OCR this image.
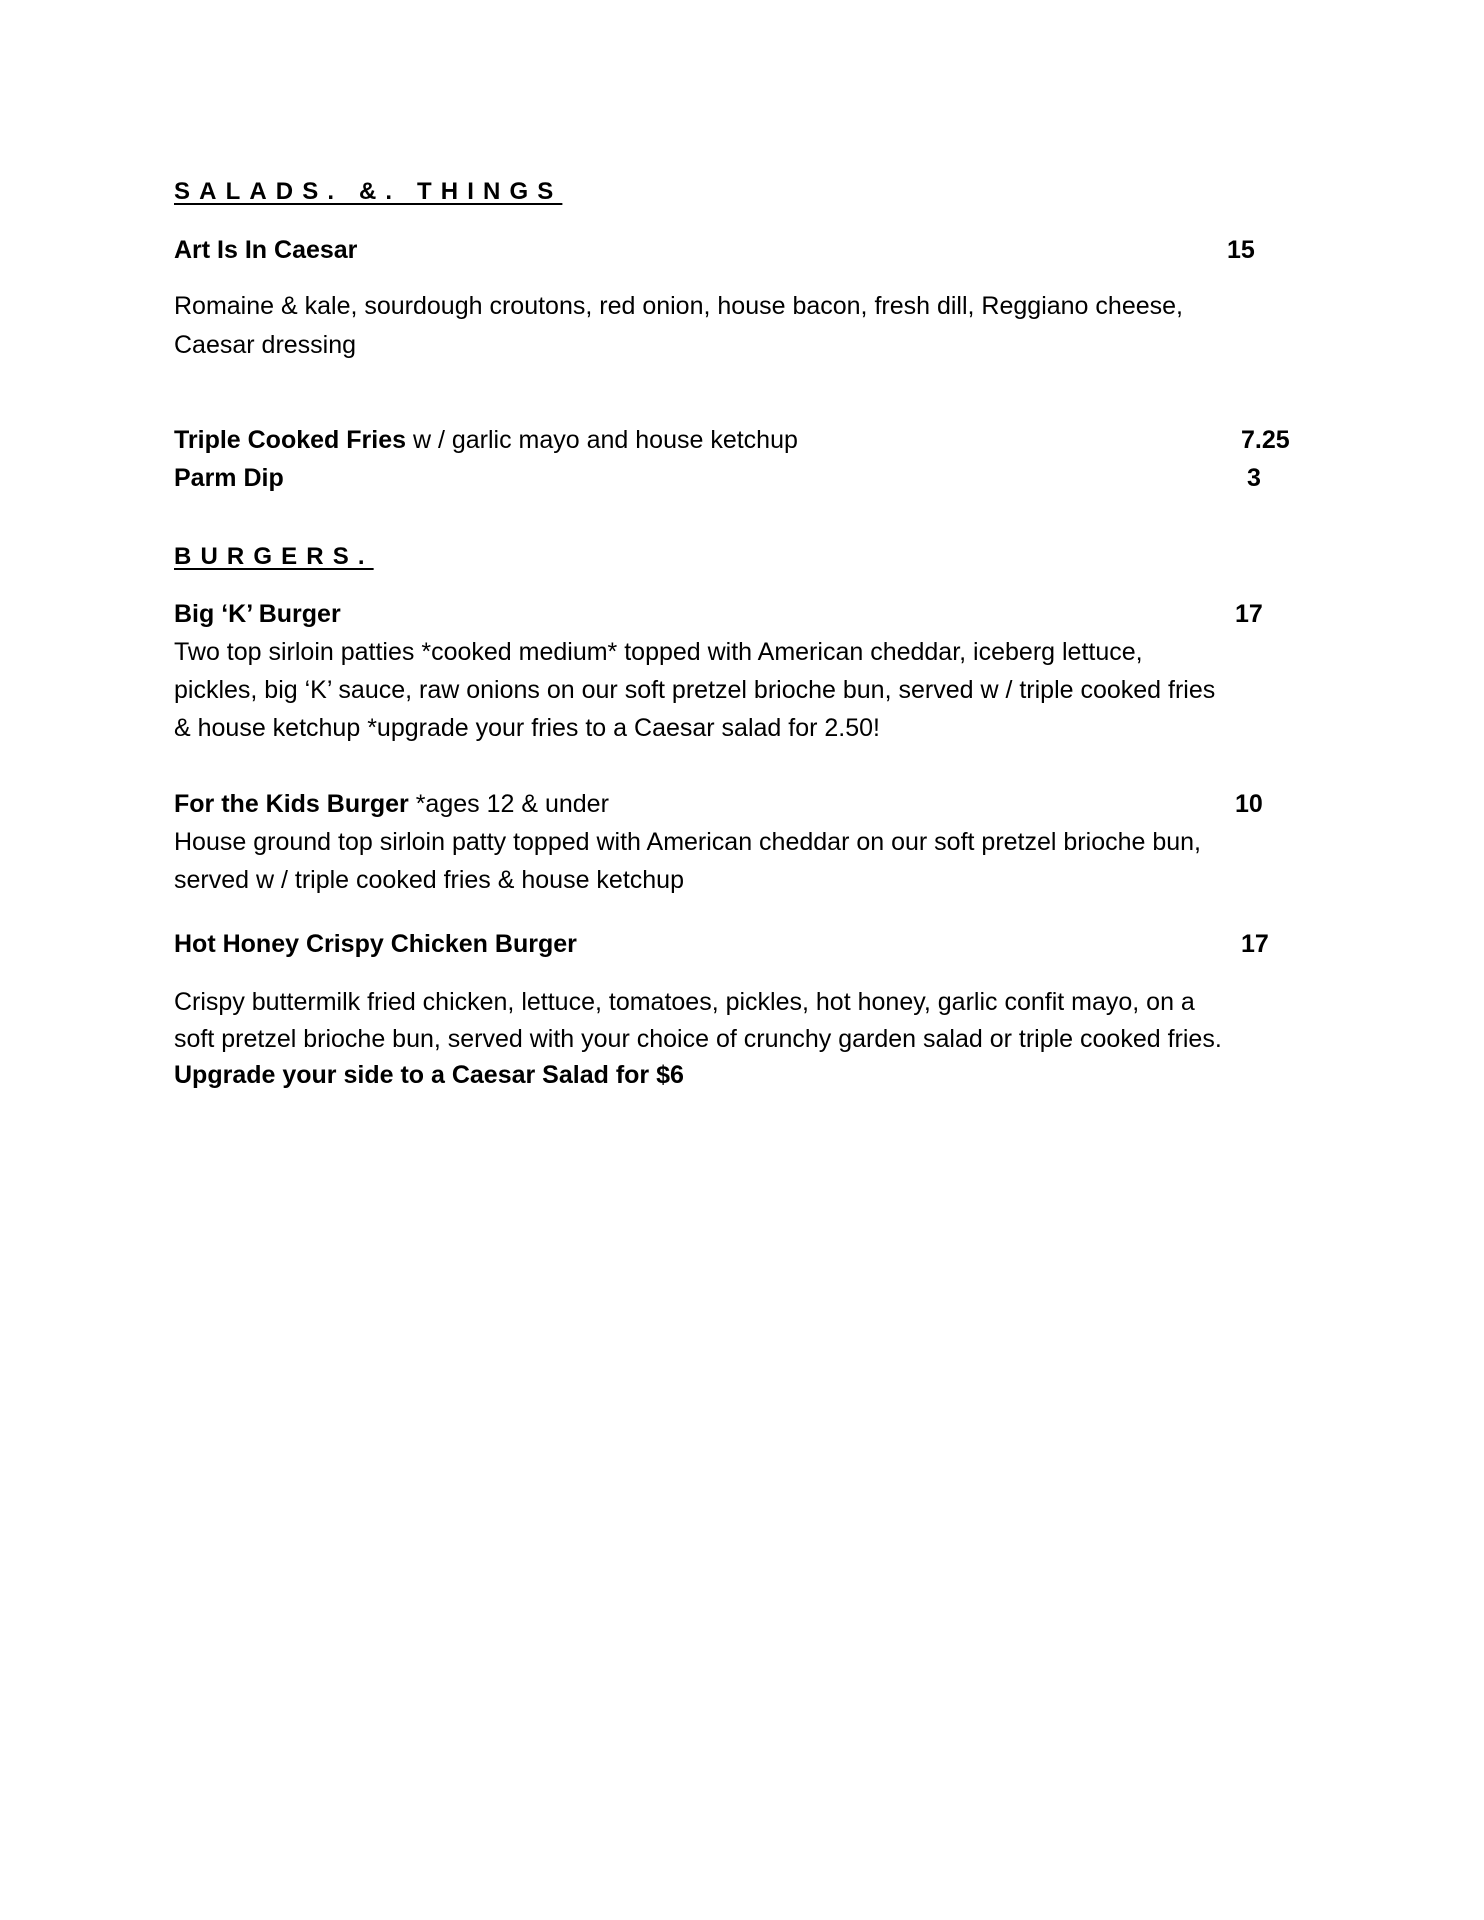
SALADS. &. THINGS
Art Is In Caesar	15
Romaine & kale, sourdough croutons, red onion, house bacon, fresh dill, Reggiano cheese,
Caesar dressing
Triple Cooked Fries w / garlic mayo and house ketchup	7.25
Parm Dip	3
BURGERS.
Big ‘K’ Burger	17
Two top sirloin patties *cooked medium* topped with American cheddar, iceberg lettuce,
pickles, big ‘K’ sauce, raw onions on our soft pretzel brioche bun, served w / triple cooked fries
& house ketchup *upgrade your fries to a Caesar salad for 2.50!
For the Kids Burger *ages 12 & under	10
House ground top sirloin patty topped with American cheddar on our soft pretzel brioche bun,
served w / triple cooked fries & house ketchup
Hot Honey Crispy Chicken Burger	17
Crispy buttermilk fried chicken, lettuce, tomatoes, pickles, hot honey, garlic confit mayo, on a
soft pretzel brioche bun, served with your choice of crunchy garden salad or triple cooked fries.
Upgrade your side to a Caesar Salad for $6
